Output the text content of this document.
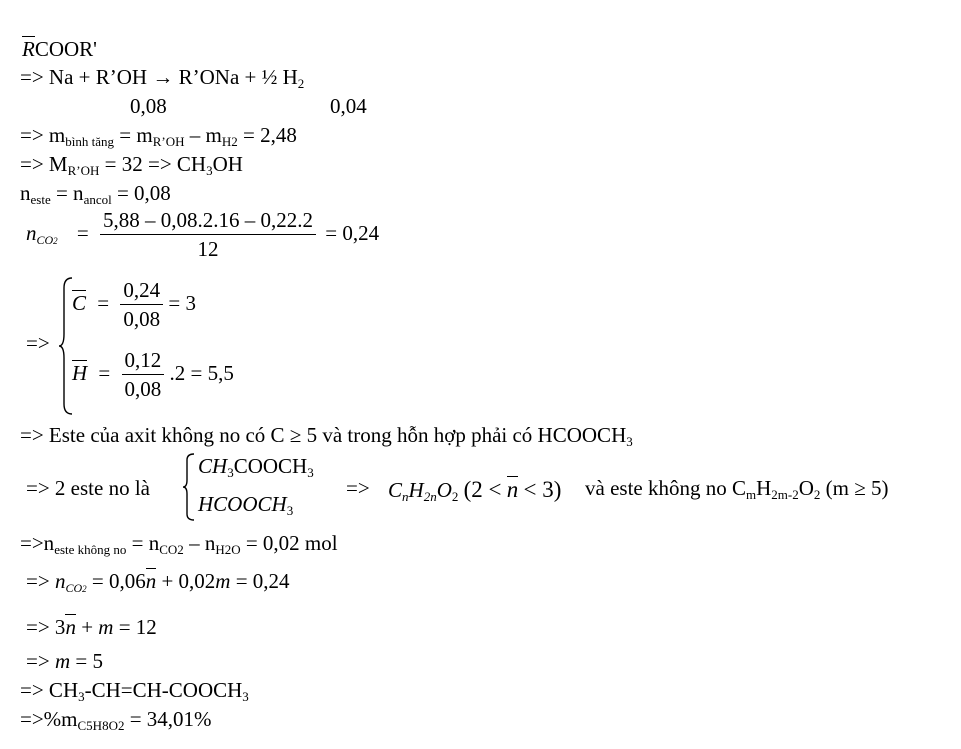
RCOOR'
=> Na + R’OH → R’ONa + ½ $H_2$
0,08	0,04
=> $m_{bình tăng} = m_{R’OH} - m_{H2} = 2,48$
=> $M_{R’OH} = 32 => CH_3OH$
$n_{este} = n_{ancol} = 0,08$
$n_{CO2} = \frac{5,88 - 0,08.2.16 - 0,22.2}{12} = 0,24$
=>
$C = \frac{0,24}{0,08} = 3$
$H = \frac{0,12}{0,08} .2 = 5,5$
=> Este của axit không no có C ≥ 5 và trong hỗn hợp phải có $HCOOCH_3$
=> 2 este no là
$CH_3COOCH_3$
$HCOOCH_3$
=> $C_nH_{2n}O_2$ (2 < n < 3) và este không no $C_mH_{2m-2}O_2$ (m ≥ 5)
$=>n_{este không no} = n_{CO2} - n_{H2O} = 0,02$ mol
=> $n_{CO2} = 0,06n + 0,02m = 0,24$
=> 3n + m = 12
=> m = 5
=> $CH_3-CH=CH-COOCH_3$
$=>\%m_{C5H8O2} = 34,01\%$
